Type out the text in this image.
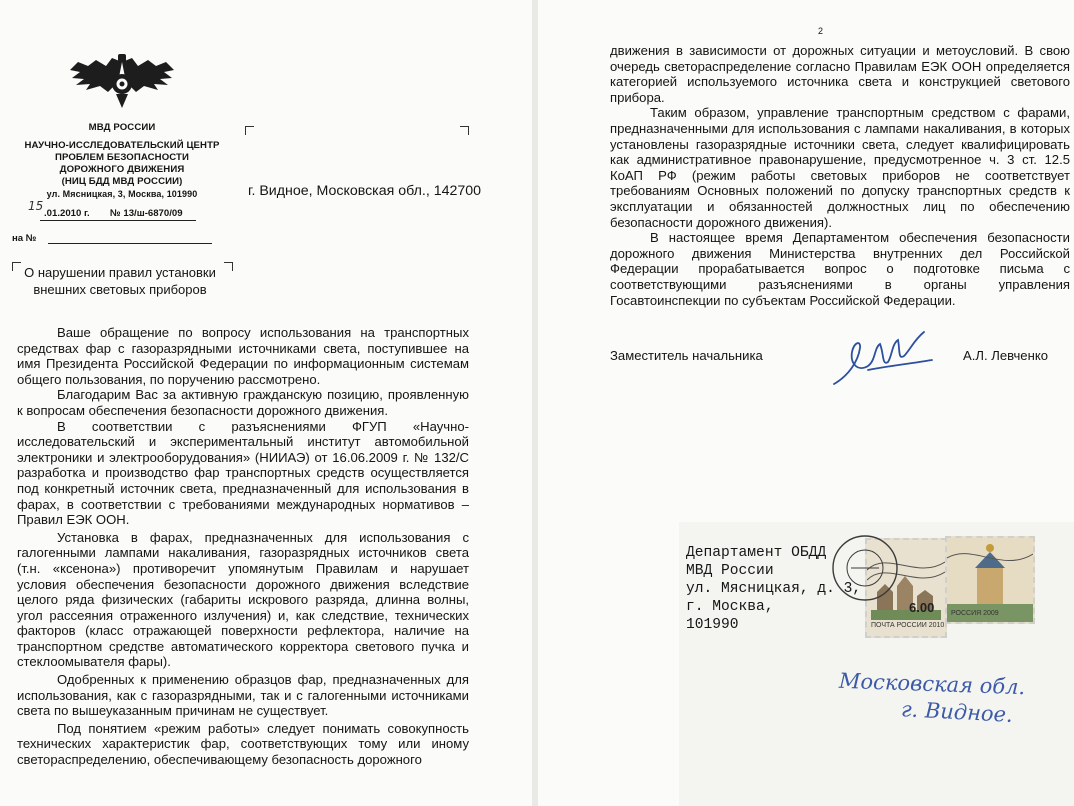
МВД РОССИИ
НАУЧНО-ИССЛЕДОВАТЕЛЬСКИЙ ЦЕНТР
ПРОБЛЕМ БЕЗОПАСНОСТИ
ДОРОЖНОГО ДВИЖЕНИЯ
(НИЦ БДД МВД РОССИИ)
ул. Мясницкая, 3, Москва, 101990
15
.01.2010 г. № 13/ш-6870/09
на №
г. Видное, Московская обл., 142700
О нарушении правил установки
внешних световых приборов

Ваше обращение по вопросу использования на транспортных средствах фар с газоразрядными источниками света, поступившее на имя Президента Российской Федерации по информационным системам общего пользования, по поручению рассмотрено.

Благодарим Вас за активную гражданскую позицию, проявленную к вопросам обеспечения безопасности дорожного движения.

В соответствии с разъяснениями ФГУП «Научно-исследовательский и экспериментальный институт автомобильной электроники и электрооборудования» (НИИАЭ) от 16.06.2009 г. № 132/С разработка и производство фар транспортных средств осуществляется под конкретный источник света, предназначенный для использования в фарах, в соответствии с требованиями международных нормативов – Правил ЕЭК ООН.

Установка в фарах, предназначенных для использования с галогенными лампами накаливания, газоразрядных источников света (т.н. «ксенона») противоречит упомянутым Правилам и нарушает условия обеспечения безопасности дорожного движения вследствие целого ряда физических (габариты искрового разряда, длинна волны, угол рассеяния отраженного излучения) и, как следствие, технических факторов (класс отражающей поверхности рефлектора, наличие на транспортном средстве автоматического корректора светового пучка и стеклоомывателя фары).

Одобренных к применению образцов фар, предназначенных для использования, как с газоразрядными, так и с галогенными источниками света по вышеуказанным причинам не существует.

Под понятием «режим работы» следует понимать совокупность технических характеристик фар, соответствующих тому или иному светораспределению, обеспечивающему безопасность дорожного

2

движения в зависимости от дорожных ситуации и метоусловий. В свою очередь светораспределение согласно Правилам ЕЭК ООН определяется категорией используемого источника света и конструкцией светового прибора.

Таким образом, управление транспортным средством с фарами, предназначенными для использования с лампами накаливания, в которых установлены газоразрядные источники света, следует квалифицировать как административное правонарушение, предусмотренное ч. 3 ст. 12.5 КоАП РФ (режим работы световых приборов не соответствует требованиям Основных положений по допуску транспортных средств к эксплуатации и обязанностей должностных лиц по обеспечению безопасности дорожного движения).

В настоящее время Департаментом обеспечения безопасности дорожного движения Министерства внутренних дел Российской Федерации прорабатывается вопрос о подготовке письма с соответствующими разъяснениями в органы управления Госавтоинспекции по субъектам Российской Федерации.

Заместитель начальника	А.Л. Левченко
Департамент ОБДД
МВД России
ул. Мясницкая, д. 3,
г. Москва,
101990	ПОЧТА РОССИИ 2010
6.00 РОССИЯ 2009
Московская обл.
г. Видное.
